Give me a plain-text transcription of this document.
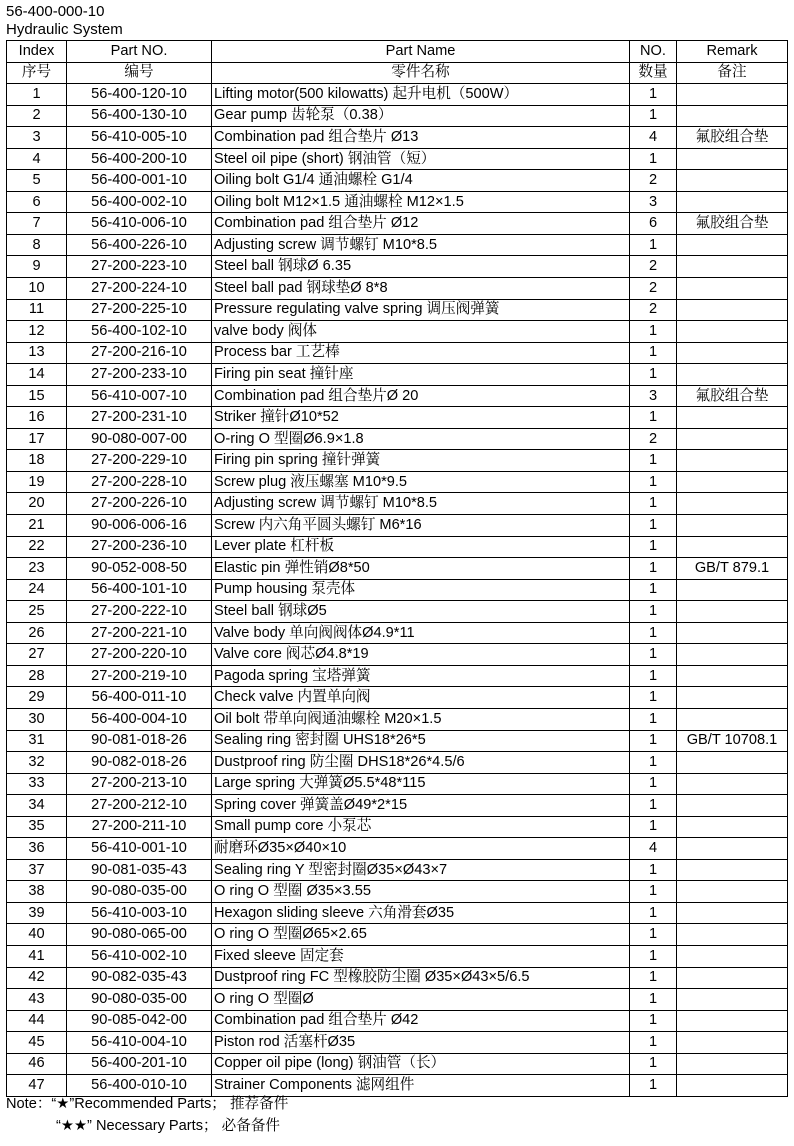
56-400-000-10
Hydraulic System
Index	Part NO.	Part Name	NO.	Remark
序号	编号	零件名称	数量	备注
1	56-400-120-10	Lifting motor(500 kilowatts) 起升电机（500W）	1	
2	56-400-130-10	Gear pump 齿轮泵（0.38）	1	
3	56-410-005-10	Combination pad 组合垫片 Ø13	4	氟胶组合垫
4	56-400-200-10	Steel oil pipe (short) 钢油管（短）	1	
5	56-400-001-10	Oiling bolt G1/4 通油螺栓 G1/4	2	
6	56-400-002-10	Oiling bolt M12×1.5 通油螺栓 M12×1.5	3	
7	56-410-006-10	Combination pad 组合垫片 Ø12	6	氟胶组合垫
8	56-400-226-10	Adjusting screw 调节螺钉 M10*8.5	1	
9	27-200-223-10	Steel ball 钢球Ø 6.35	2	
10	27-200-224-10	Steel ball pad 钢球垫Ø 8*8	2	
11	27-200-225-10	Pressure regulating valve spring 调压阀弹簧	2	
12	56-400-102-10	valve body 阀体	1	
13	27-200-216-10	Process bar 工艺棒	1	
14	27-200-233-10	Firing pin seat 撞针座	1	
15	56-410-007-10	Combination pad 组合垫片Ø 20	3	氟胶组合垫
16	27-200-231-10	Striker 撞针Ø10*52	1	
17	90-080-007-00	O-ring O 型圈Ø6.9×1.8	2	
18	27-200-229-10	Firing pin spring 撞针弹簧	1	
19	27-200-228-10	Screw plug 液压螺塞 M10*9.5	1	
20	27-200-226-10	Adjusting screw 调节螺钉 M10*8.5	1	
21	90-006-006-16	Screw 内六角平圆头螺钉 M6*16	1	
22	27-200-236-10	Lever plate 杠杆板	1	
23	90-052-008-50	Elastic pin 弹性销Ø8*50	1	GB/T 879.1
24	56-400-101-10	Pump housing 泵壳体	1	
25	27-200-222-10	Steel ball 钢球Ø5	1	
26	27-200-221-10	Valve body 单向阀阀体Ø4.9*11	1	
27	27-200-220-10	Valve core 阀芯Ø4.8*19	1	
28	27-200-219-10	Pagoda spring 宝塔弹簧	1	
29	56-400-011-10	Check valve 内置单向阀	1	
30	56-400-004-10	Oil bolt 带单向阀通油螺栓 M20×1.5	1	
31	90-081-018-26	Sealing ring 密封圈 UHS18*26*5	1	GB/T 10708.1
32	90-082-018-26	Dustproof ring 防尘圈 DHS18*26*4.5/6	1	
33	27-200-213-10	Large spring 大弹簧Ø5.5*48*115	1	
34	27-200-212-10	Spring cover 弹簧盖Ø49*2*15	1	
35	27-200-211-10	Small pump core 小泵芯	1	
36	56-410-001-10	耐磨环Ø35×Ø40×10	4	
37	90-081-035-43	Sealing ring Y 型密封圈Ø35×Ø43×7	1	
38	90-080-035-00	O ring O 型圈 Ø35×3.55	1	
39	56-410-003-10	Hexagon sliding sleeve 六角滑套Ø35	1	
40	90-080-065-00	O ring O 型圈Ø65×2.65	1	
41	56-410-002-10	Fixed sleeve 固定套	1	
42	90-082-035-43	Dustproof ring FC 型橡胶防尘圈 Ø35×Ø43×5/6.5	1	
43	90-080-035-00	O ring O 型圈Ø	1	
44	90-085-042-00	Combination pad 组合垫片 Ø42	1	
45	56-410-004-10	Piston rod 活塞杆Ø35	1	
46	56-400-201-10	Copper oil pipe (long) 钢油管（长）	1	
47	56-400-010-10	Strainer Components 滤网组件	1	
Note：“★”Recommended Parts； 推荐备件
“★★” Necessary Parts； 必备备件
